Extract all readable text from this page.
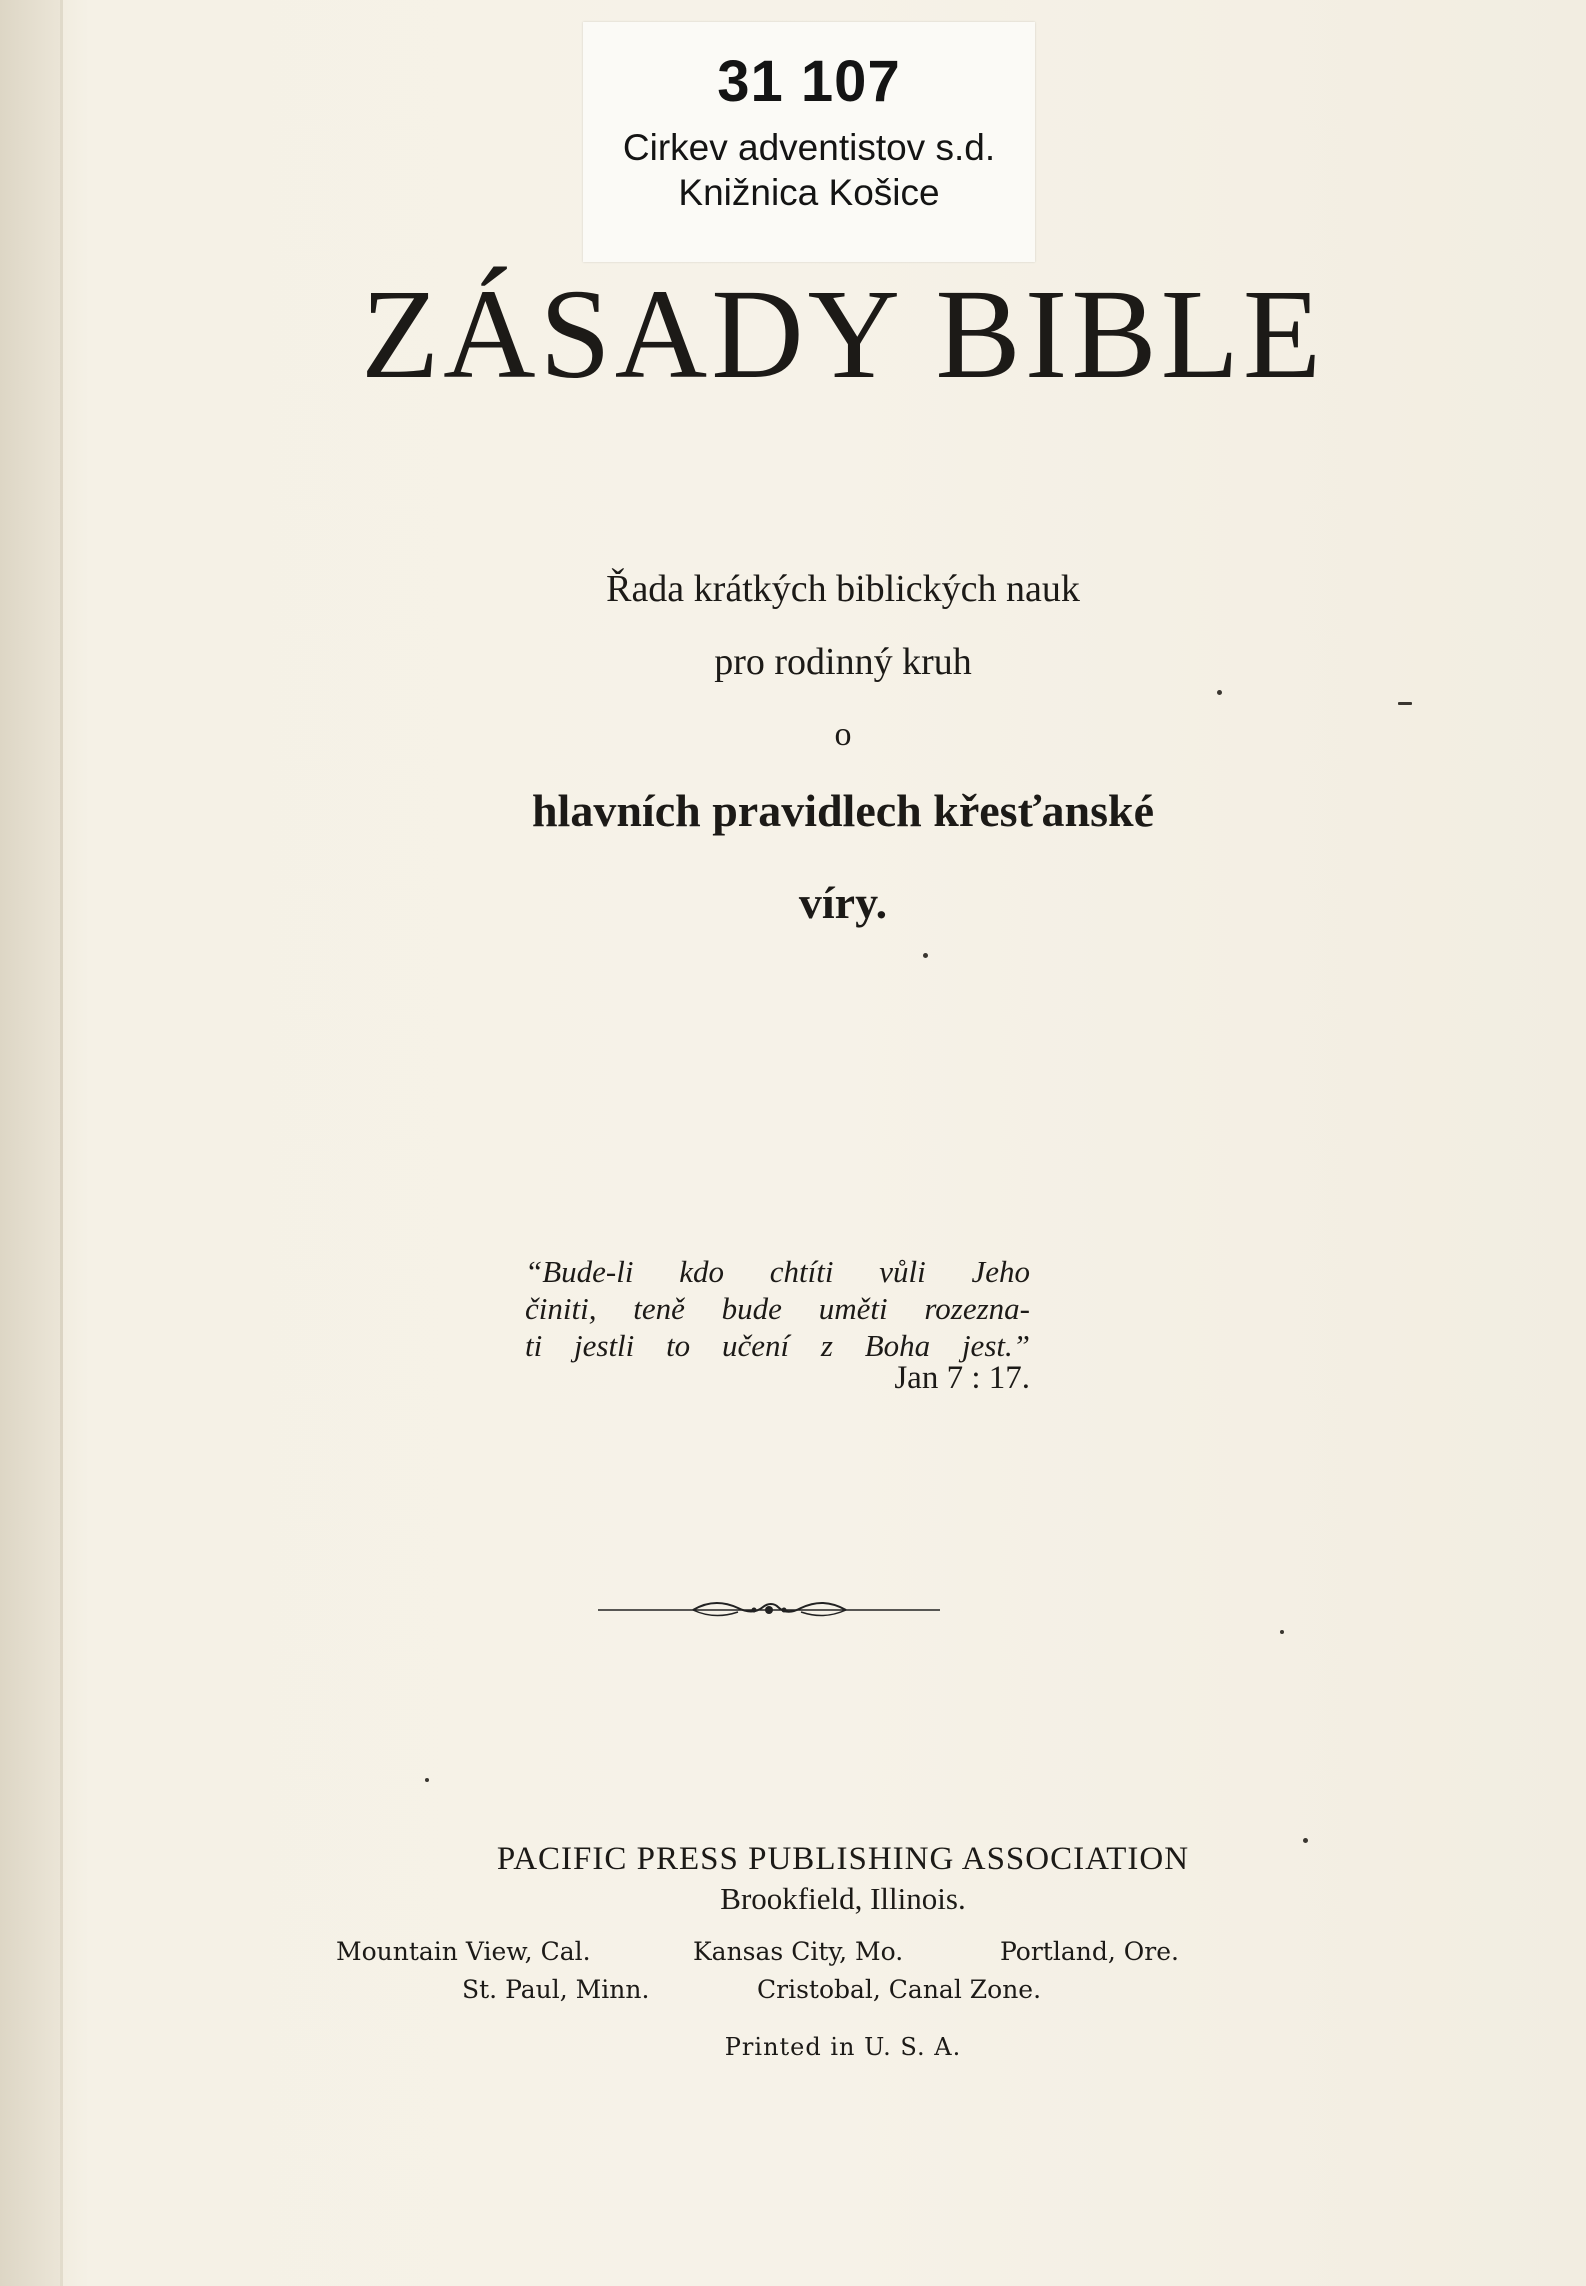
31 107
Cirkev adventistov s.d.
Knižnica Košice
ZÁSADY BIBLE
Řada krátkých biblických nauk
pro rodinný kruh
o
hlavních pravidlech křesťanské
víry.
“Bude-li kdo chtíti vůli Jeho
činiti, teně bude uměti rozezna-
ti jestli to učení z Boha jest.”
Jan 7 : 17.
PACIFIC PRESS PUBLISHING ASSOCIATION
Brookfield, Illinois.
Mountain View, Cal.	Kansas City, Mo.	Portland, Ore.
St. Paul, Minn.	Cristobal, Canal Zone.
Printed in U. S. A.
